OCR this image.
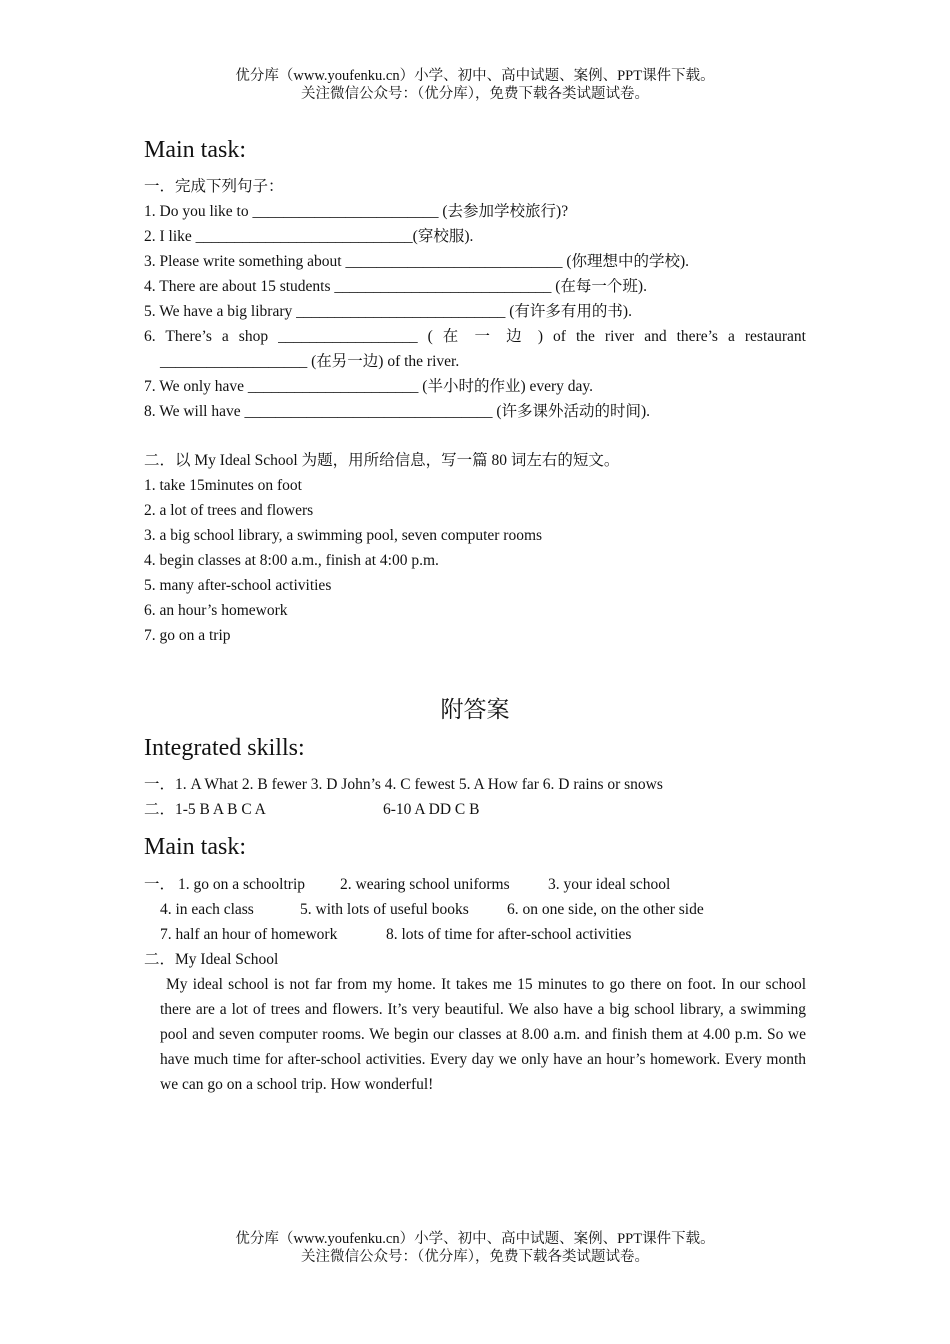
优分库（www.youfenku.cn）小学、初中、高中试题、案例、PPT课件下载。
关注微信公众号：（优分库），免费下载各类试题试卷。
Main task:
一．完成下列句子：
1. Do you like to ________________________ (去参加学校旅行)?
2. I like ____________________________(穿校服).
3. Please write something about ____________________________ (你理想中的学校).
4. There are about 15 students ____________________________ (在每一个班).
5. We have a big library ___________________________ (有许多有用的书).
6. There’s a shop __________________ ( 在 一 边 ) of the river and there’s a restaurant
___________________ (在另一边) of the river.
7. We only have ______________________ (半小时的作业) every day.
8. We will have ________________________________ (许多课外活动的时间).
二．以 My Ideal School 为题，用所给信息，写一篇 80 词左右的短文。
1. take 15minutes on foot
2. a lot of trees and flowers
3. a big school library, a swimming pool, seven computer rooms
4. begin classes at 8:00 a.m., finish at 4:00 p.m.
5. many after-school activities
6. an hour’s homework
7. go on a trip
附答案
Integrated skills:
一．1. A What 2. B fewer 3. D John’s 4. C fewest 5. A How far 6. D rains or snows
二．1-5 B A B C A	6-10 A DD C B
Main task:
一． 1. go on a schooltrip 2. wearing school uniforms 3. your ideal school
4. in each class	5. with lots of useful books 6. on one side, on the other side
7. half an hour of homework	8. lots of time for after-school activities
二．My Ideal School
My ideal school is not far from my home. It takes me 15 minutes to go there on foot. In our school there are a lot of trees and flowers. It’s very beautiful. We also have a big school library, a swimming pool and seven computer rooms. We begin our classes at 8.00 a.m. and finish them at 4.00 p.m. So we have much time for after-school activities. Every day we only have an hour’s homework. Every month we can go on a school trip. How wonderful!
优分库（www.youfenku.cn）小学、初中、高中试题、案例、PPT课件下载。
关注微信公众号：（优分库），免费下载各类试题试卷。
